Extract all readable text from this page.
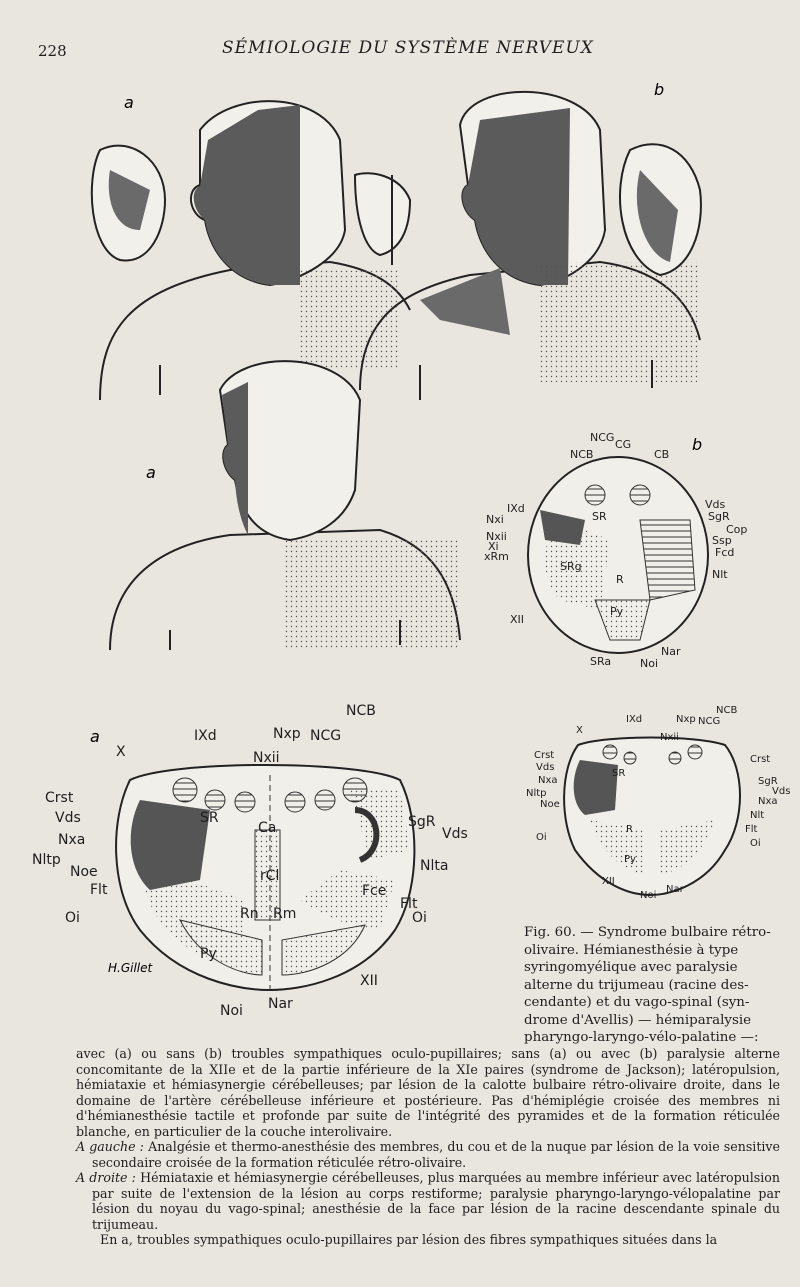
228	SÉMIOLOGIE DU SYSTÈME NERVEUX
a
b
a
b
a
NCB
NCG
CG
CB
IXd
Nxi
Nxii
Xi
xRm
Vds
SgR
Cop
Ssp
Fcd
Nlt
SR
SRg
R
Py
XII
SRa	Noi
Nar
NCB
X
IXd	Nxp NCG
Nxii
Crst
Vds	SR	SgR
Vds
Nxa
Nltp
Noe	Nlta
Flt
Ca
rCl
Fce
Oi	Rn Rm
Py
XII
Nar
Noi
Flt
Oi
H.Gillet
NCB
IXd	Nxp NCG
X
Nxii
Crst
Vds
Nxa
Nltp
Noe
Oi
SR
R
Py
XII
Crst
SgR
Vds
Nxa
Nlt
Flt
Oi
Nar
Noi
Fig. 60. — Syndrome bulbaire rétro-
olivaire. Hémianesthésie à type
syringomyélique avec paralysie
alterne du trijumeau (racine des-
cendante) et du vago-spinal (syn-
drome d'Avellis) — hémiparalysie
pharyngo-laryngo-vélo-palatine —:

avec (a) ou sans (b) troubles sympathiques oculo-pupillaires; sans (a) ou avec (b) paralysie alterne concomitante de la XIIe et de la partie inférieure de la XIe paires (syndrome de Jackson); latéropulsion, hémiataxie et hémiasynergie cérébelleuses; par lésion de la calotte bulbaire rétro-olivaire droite, dans le domaine de l'artère cérébelleuse inférieure et postérieure. Pas d'hémiplégie croisée des membres ni d'hémianesthésie tactile et profonde par suite de l'intégrité des pyramides et de la formation réticulée blanche, en particulier de la couche interolivaire.

A gauche : Analgésie et thermo-anesthésie des membres, du cou et de la nuque par lésion de la voie sensitive secondaire croisée de la formation réticulée rétro-olivaire.

A droite : Hémiataxie et hémiasynergie cérébelleuses, plus marquées au membre inférieur avec latéropulsion par suite de l'extension de la lésion au corps restiforme; paralysie pharyngo-laryngo-vélopalatine par lésion du noyau du vago-spinal; anesthésie de la face par lésion de la racine descendante spinale du trijumeau.

En a, troubles sympathiques oculo-pupillaires par lésion des fibres sympathiques situées dans la
